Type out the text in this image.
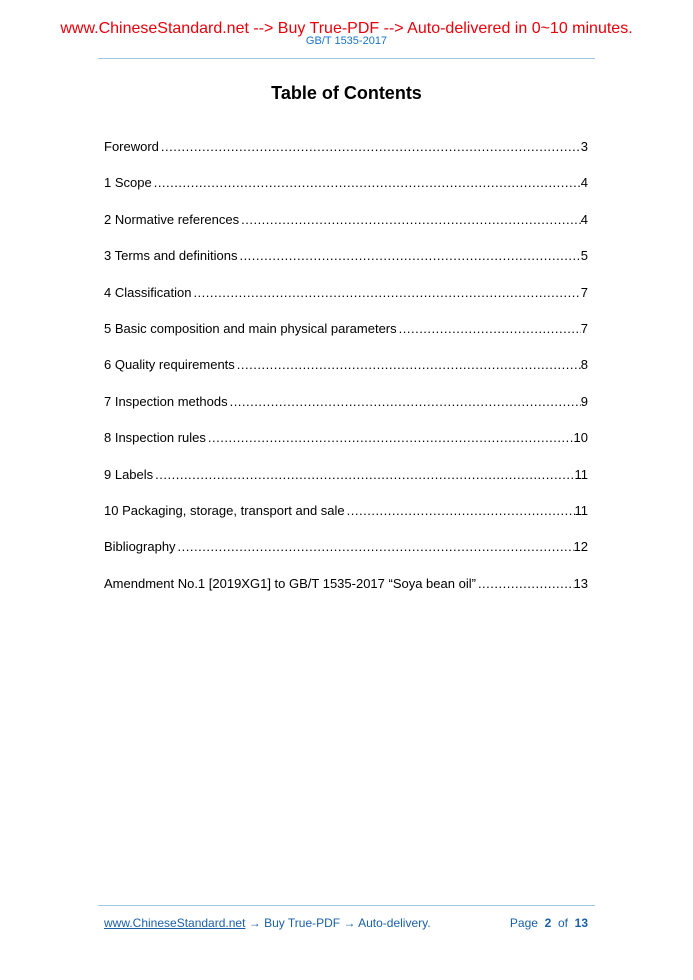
www.ChineseStandard.net --> Buy True-PDF --> Auto-delivered in 0~10 minutes.
GB/T 1535-2017
Table of Contents
Foreword .....	3
1 Scope .....	4
2 Normative references .....	4
3 Terms and definitions .....	5
4 Classification .....	7
5 Basic composition and main physical parameters .....	7
6 Quality requirements .....	8
7 Inspection methods .....	9
8 Inspection rules .....	10
9 Labels .....	11
10 Packaging, storage, transport and sale .....	11
Bibliography .....	12
Amendment No.1 [2019XG1] to GB/T 1535-2017 “Soya bean oil” .....	13
www.ChineseStandard.net → Buy True-PDF → Auto-delivery.	Page 2 of 13
